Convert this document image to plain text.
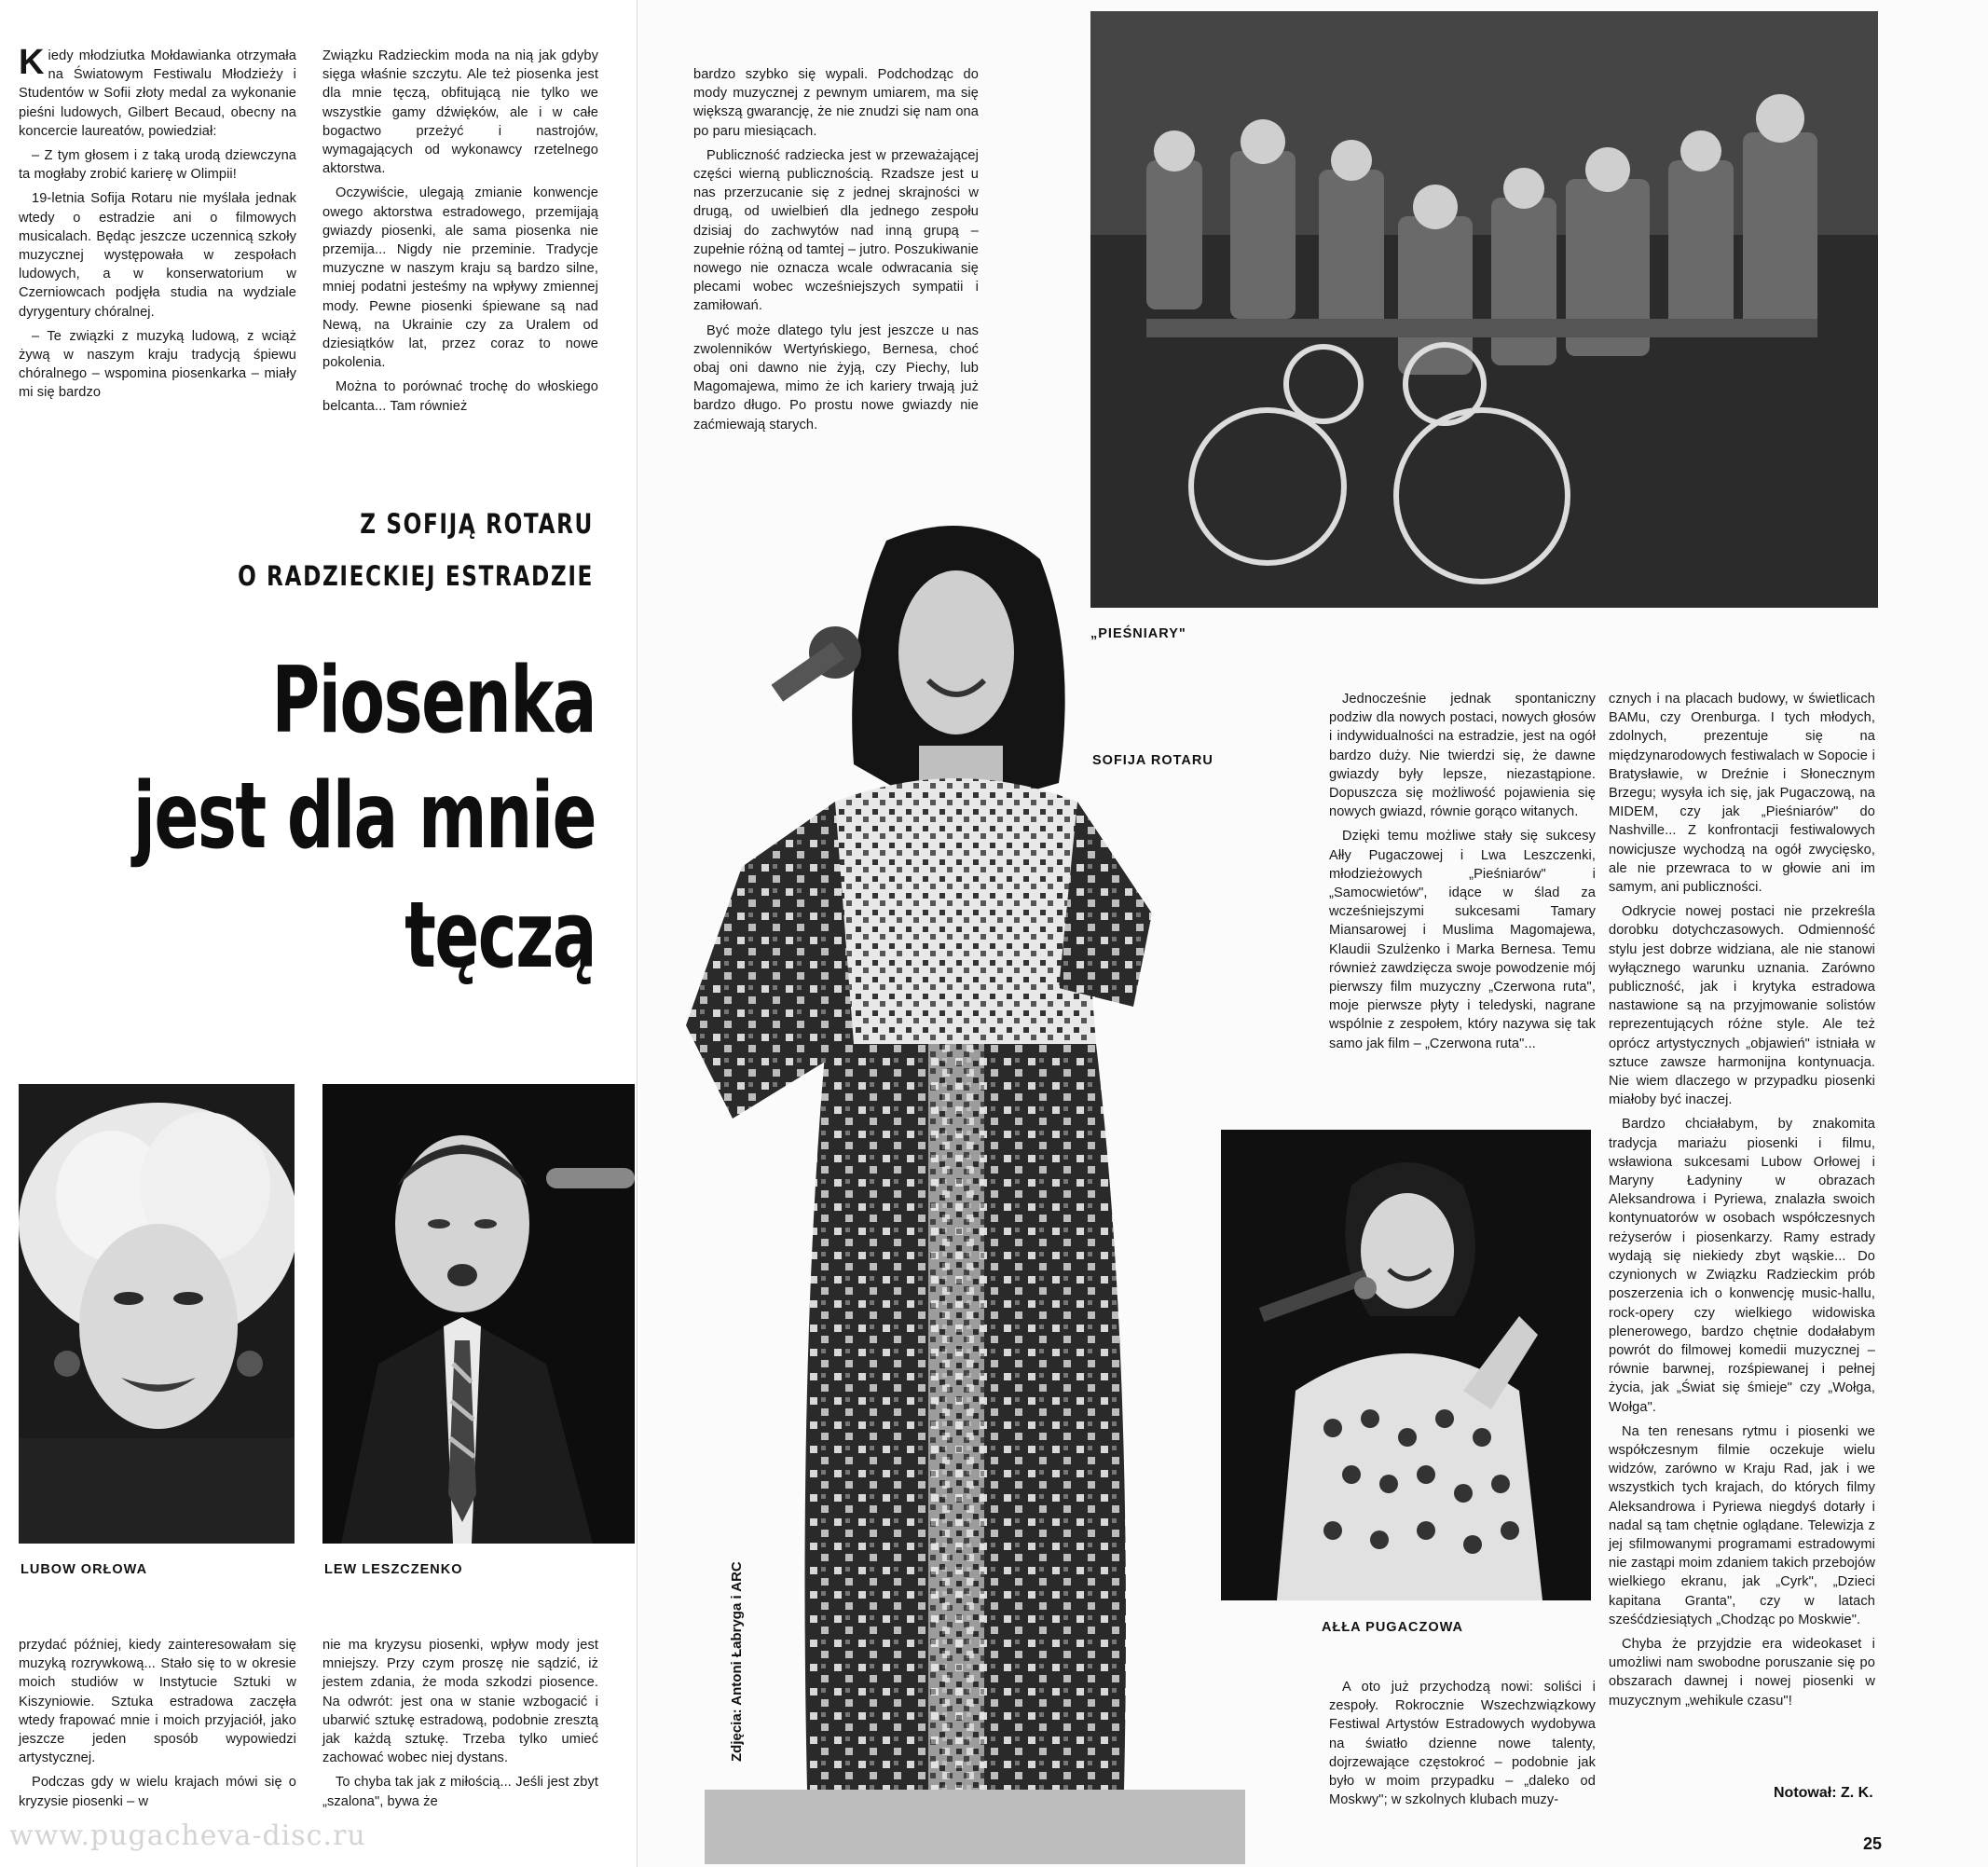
Kiedy młodziutka Mołdawianka otrzymała na Światowym Festiwalu Młodzieży i Studentów w Sofii złoty medal za wykonanie pieśni ludowych, Gilbert Becaud, obecny na koncercie laureatów, powiedział:

– Z tym głosem i z taką urodą dziewczyna ta mogłaby zrobić karierę w Olimpii!

19-letnia Sofija Rotaru nie myślała jednak wtedy o estradzie ani o filmowych musicalach. Będąc jeszcze uczennicą szkoły muzycznej występowała w zespołach ludowych, a w konserwatorium w Czerniowcach podjęła studia na wydziale dyrygentury chóralnej.

– Te związki z muzyką ludową, z wciąż żywą w naszym kraju tradycją śpiewu chóralnego – wspomina piosenkarka – miały mi się bardzo

Związku Radzieckim moda na nią jak gdyby sięga właśnie szczytu. Ale też piosenka jest dla mnie tęczą, obfitującą nie tylko we wszystkie gamy dźwięków, ale i w całe bogactwo przeżyć i nastrojów, wymagających od wykonawcy rzetelnego aktorstwa.

Oczywiście, ulegają zmianie konwencje owego aktorstwa estradowego, przemijają gwiazdy piosenki, ale sama piosenka nie przemija... Nigdy nie przeminie. Tradycje muzyczne w naszym kraju są bardzo silne, mniej podatni jesteśmy na wpływy zmiennej mody. Pewne piosenki śpiewane są nad Newą, na Ukrainie czy za Uralem od dziesiątków lat, przez coraz to nowe pokolenia.

Można to porównać trochę do włoskiego belcanta... Tam również

Z SOFIJĄ ROTARU
O RADZIECKIEJ ESTRADZIE
Piosenka
jest dla mnie
tęczą
LUBOW ORŁOWA	LEW LESZCZENKO

przydać później, kiedy zainteresowałam się muzyką rozrywkową... Stało się to w okresie moich studiów w Instytucie Sztuki w Kiszyniowie. Sztuka estradowa zaczęła wtedy frapować mnie i moich przyjaciół, jako jeszcze jeden sposób wypowiedzi artystycznej.

Podczas gdy w wielu krajach mówi się o kryzysie piosenki – w

nie ma kryzysu piosenki, wpływ mody jest mniejszy. Przy czym proszę nie sądzić, iż jestem zdania, że moda szkodzi piosence. Na odwrót: jest ona w stanie wzbogacić i ubarwić sztukę estradową, podobnie zresztą jak każdą sztukę. Trzeba tylko umieć zachować wobec niej dystans.

To chyba tak jak z miłością... Jeśli jest zbyt „szalona", bywa że

www.pugacheva-disc.ru

bardzo szybko się wypali. Podchodząc do mody muzycznej z pewnym umiarem, ma się większą gwarancję, że nie znudzi się nam ona po paru miesiącach.

Publiczność radziecka jest w przeważającej części wierną publicznością. Rzadsze jest u nas przerzucanie się z jednej skrajności w drugą, od uwielbień dla jednego zespołu dzisiaj do zachwytów nad inną grupą – zupełnie różną od tamtej – jutro. Poszukiwanie nowego nie oznacza wcale odwracania się plecami wobec wcześniejszych sympatii i zamiłowań.

Być może dlatego tylu jest jeszcze u nas zwolenników Wertyńskiego, Bernesa, choć obaj oni dawno nie żyją, czy Piechy, lub Magomajewa, mimo że ich kariery trwają już bardzo długo. Po prostu nowe gwiazdy nie zaćmiewają starych.

„PIEŚNIARY"
SOFIJA ROTARU
Zdjęcia: Antoni Łabryga i ARC

Jednocześnie jednak spontaniczny podziw dla nowych postaci, nowych głosów i indywidualności na estradzie, jest na ogół bardzo duży. Nie twierdzi się, że dawne gwiazdy były lepsze, niezastąpione. Dopuszcza się możliwość pojawienia się nowych gwiazd, równie gorąco witanych.

Dzięki temu możliwe stały się sukcesy Ałły Pugaczowej i Lwa Leszczenki, młodzieżowych „Pieśniarów" i „Samocwietów", idące w ślad za wcześniejszymi sukcesami Tamary Miansarowej i Muslima Magomajewa, Klaudii Szulżenko i Marka Bernesa. Temu również zawdzięcza swoje powodzenie mój pierwszy film muzyczny „Czerwona ruta", moje pierwsze płyty i teledyski, nagrane wspólnie z zespołem, który nazywa się tak samo jak film – „Czerwona ruta"...

AŁŁA PUGACZOWA

A oto już przychodzą nowi: soliści i zespoły. Rokrocznie Wszechzwiązkowy Festiwal Artystów Estradowych wydobywa na światło dzienne nowe talenty, dojrzewające częstokroć – podobnie jak było w moim przypadku – „daleko od Moskwy"; w szkolnych klubach muzy-

cznych i na placach budowy, w świetlicach BAMu, czy Orenburga. I tych młodych, zdolnych, prezentuje się na międzynarodowych festiwalach w Sopocie i Bratysławie, w Dreźnie i Słonecznym Brzegu; wysyła ich się, jak Pugaczową, na MIDEM, czy jak „Pieśniarów" do Nashville... Z konfrontacji festiwalowych nowicjusze wychodzą na ogół zwycięsko, ale nie przewraca to w głowie ani im samym, ani publiczności.

Odkrycie nowej postaci nie przekreśla dorobku dotychczasowych. Odmienność stylu jest dobrze widziana, ale nie stanowi wyłącznego warunku uznania. Zarówno publiczność, jak i krytyka estradowa nastawione są na przyjmowanie solistów reprezentujących różne style. Ale też oprócz artystycznych „objawień" istniała w sztuce zawsze harmonijna kontynuacja. Nie wiem dlaczego w przypadku piosenki miałoby być inaczej.

Bardzo chciałabym, by znakomita tradycja mariażu piosenki i filmu, wsławiona sukcesami Lubow Orłowej i Maryny Ładyniny w obrazach Aleksandrowa i Pyriewa, znalazła swoich kontynuatorów w osobach współczesnych reżyserów i piosenkarzy. Ramy estrady wydają się niekiedy zbyt wąskie... Do czynionych w Związku Radzieckim prób poszerzenia ich o konwencję music-hallu, rock-opery czy wielkiego widowiska plenerowego, bardzo chętnie dodałabym powrót do filmowej komedii muzycznej – równie barwnej, rozśpiewanej i pełnej życia, jak „Świat się śmieje" czy „Wołga, Wołga".

Na ten renesans rytmu i piosenki we współczesnym filmie oczekuje wielu widzów, zarówno w Kraju Rad, jak i we wszystkich tych krajach, do których filmy Aleksandrowa i Pyriewa niegdyś dotarły i nadal są tam chętnie oglądane. Telewizja z jej sfilmowanymi programami estradowymi nie zastąpi moim zdaniem takich przebojów wielkiego ekranu, jak „Cyrk", „Dzieci kapitana Granta", czy w latach sześćdziesiątych „Chodząc po Moskwie".

Chyba że przyjdzie era wideokaset i umożliwi nam swobodne poruszanie się po obszarach dawnej i nowej piosenki w muzycznym „wehikule czasu"!

Notował: Z. K.
25
